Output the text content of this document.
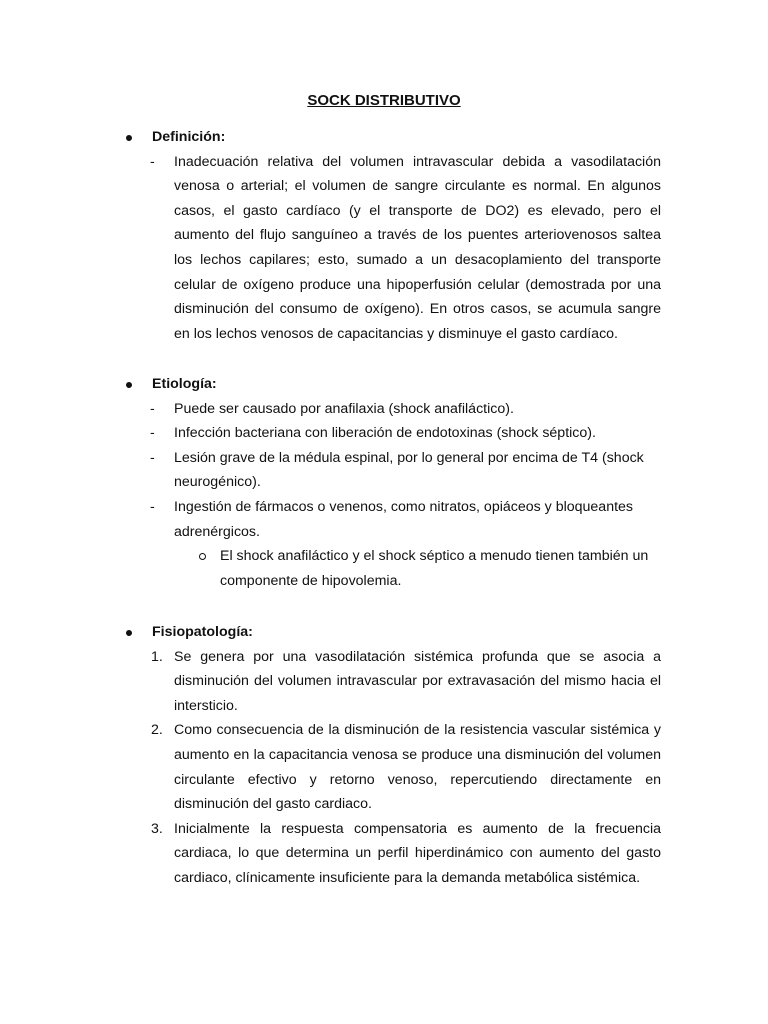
SOCK DISTRIBUTIVO
Definición:
-	Inadecuación relativa del volumen intravascular debida a vasodilatación venosa o arterial; el volumen de sangre circulante es normal. En algunos casos, el gasto cardíaco (y el transporte de DO2) es elevado, pero el aumento del flujo sanguíneo a través de los puentes arteriovenosos saltea los lechos capilares; esto, sumado a un desacoplamiento del transporte celular de oxígeno produce una hipoperfusión celular (demostrada por una disminución del consumo de oxígeno). En otros casos, se acumula sangre en los lechos venosos de capacitancias y disminuye el gasto cardíaco.
Etiología:
-	Puede ser causado por anafilaxia (shock anafiláctico).
-	Infección bacteriana con liberación de endotoxinas (shock séptico).
-	Lesión grave de la médula espinal, por lo general por encima de T4 (shock neurogénico).
-	Ingestión de fármacos o venenos, como nitratos, opiáceos y bloqueantes adrenérgicos.
El shock anafiláctico y el shock séptico a menudo tienen también un componente de hipovolemia.
Fisiopatología:
1. Se genera por una vasodilatación sistémica profunda que se asocia a disminución del volumen intravascular por extravasación del mismo hacia el intersticio.
2. Como consecuencia de la disminución de la resistencia vascular sistémica y aumento en la capacitancia venosa se produce una disminución del volumen circulante efectivo y retorno venoso, repercutiendo directamente en disminución del gasto cardiaco.
3. Inicialmente la respuesta compensatoria es aumento de la frecuencia cardiaca, lo que determina un perfil hiperdinámico con aumento del gasto cardiaco, clínicamente insuficiente para la demanda metabólica sistémica.
